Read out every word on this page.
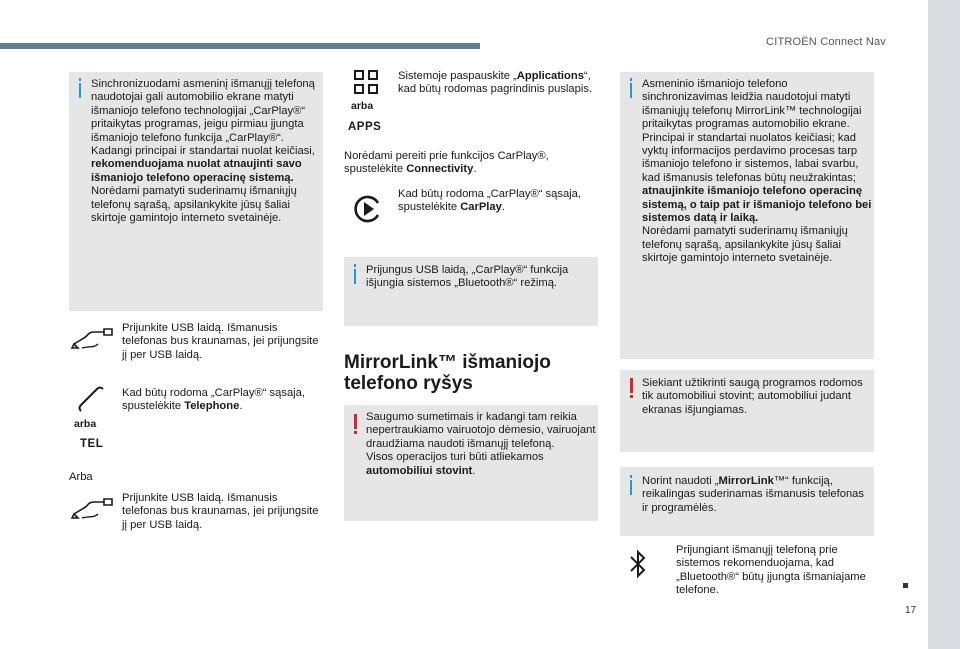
CITROËN Connect Nav
17
Sinchronizuodami asmeninį išmanųjį telefoną naudotojai gali automobilio ekrane matyti išmaniojo telefono technologijai „CarPlay®“ pritaikytas programas, jeigu pirmiau įjungta išmaniojo telefono funkcija „CarPlay®“.
Kadangi principai ir standartai nuolat keičiasi, rekomenduojama nuolat atnaujinti savo išmaniojo telefono operacinę sistemą.
Norėdami pamatyti suderinamų išmaniųjų telefonų sąrašą, apsilankykite jūsų šaliai skirtoje gamintojo interneto svetainėje.
Prijunkite USB laidą. Išmanusis telefonas bus kraunamas, jei prijungsite jį per USB laidą.
arba
TEL
Kad būtų rodoma „CarPlay®“ sąsaja, spustelėkite Telephone.
Arba
Prijunkite USB laidą. Išmanusis telefonas bus kraunamas, jei prijungsite jį per USB laidą.
arba
APPS
Sistemoje paspauskite „Applications“, kad būtų rodomas pagrindinis puslapis.
Norėdami pereiti prie funkcijos CarPlay®, spustelėkite Connectivity.
Kad būtų rodoma „CarPlay®“ sąsaja, spustelėkite CarPlay.
Prijungus USB laidą, „CarPlay®“ funkcija išjungia sistemos „Bluetooth®“ režimą.
MirrorLink™ išmaniojo
telefono ryšys
Saugumo sumetimais ir kadangi tam reikia nepertraukiamo vairuotojo dėmesio, vairuojant draudžiama naudoti išmanųjį telefoną.
Visos operacijos turi būti atliekamos automobiliui stovint.
Asmeninio išmaniojo telefono sinchronizavimas leidžia naudotojui matyti išmaniųjų telefonų MirrorLink™ technologijai pritaikytas programas automobilio ekrane.
Principai ir standartai nuolatos keičiasi; kad vyktų informacijos perdavimo procesas tarp išmaniojo telefono ir sistemos, labai svarbu, kad išmanusis telefonas būtų neužrakintas; atnaujinkite išmaniojo telefono operacinę sistemą, o taip pat ir išmaniojo telefono bei sistemos datą ir laiką.
Norėdami pamatyti suderinamų išmaniųjų telefonų sąrašą, apsilankykite jūsų šaliai skirtoje gamintojo interneto svetainėje.
Siekiant užtikrinti saugą programos rodomos tik automobiliui stovint; automobiliui judant ekranas išjungiamas.
Norint naudoti „MirrorLink™“ funkciją, reikalingas suderinamas išmanusis telefonas ir programėlės.
Prijungiant išmanųjį telefoną prie sistemos rekomenduojama, kad „Bluetooth®“ būtų įjungta išmaniajame telefone.
